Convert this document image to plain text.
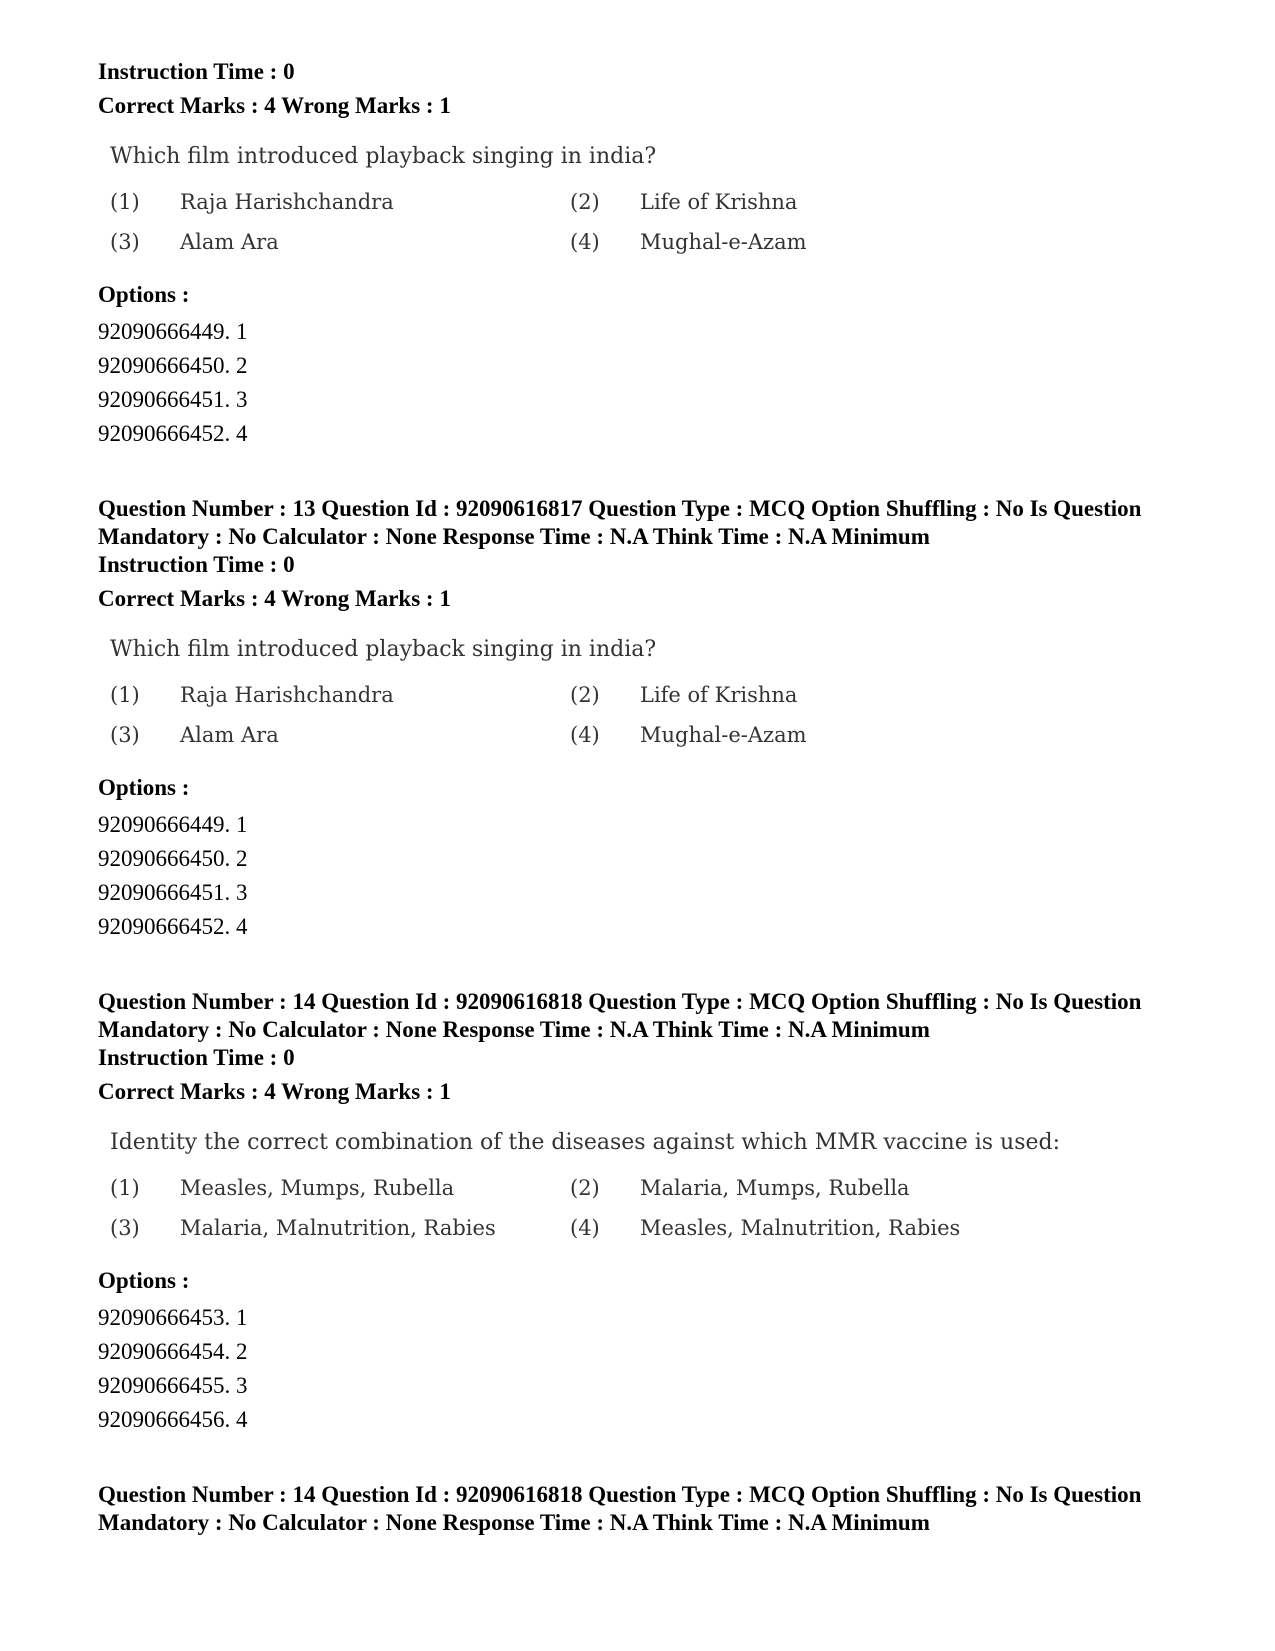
Instruction Time : 0

Correct Marks : 4 Wrong Marks : 1

Which film introduced playback singing in india?

(1)	Raja Harishchandra	(2)	Life of Krishna
(3)	Alam Ara	(4)	Mughal-e-Azam

Options :

92090666449. 1
92090666450. 2
92090666451. 3
92090666452. 4

Question Number : 13 Question Id : 92090616817 Question Type : MCQ Option Shuffling : No Is Question Mandatory : No Calculator : None Response Time : N.A Think Time : N.A Minimum

Instruction Time : 0

Correct Marks : 4 Wrong Marks : 1

Which film introduced playback singing in india?

(1)	Raja Harishchandra	(2)	Life of Krishna
(3)	Alam Ara	(4)	Mughal-e-Azam

Options :

92090666449. 1
92090666450. 2
92090666451. 3
92090666452. 4

Question Number : 14 Question Id : 92090616818 Question Type : MCQ Option Shuffling : No Is Question Mandatory : No Calculator : None Response Time : N.A Think Time : N.A Minimum

Instruction Time : 0

Correct Marks : 4 Wrong Marks : 1

Identity the correct combination of the diseases against which MMR vaccine is used:

(1)	Measles, Mumps, Rubella	(2)	Malaria, Mumps, Rubella
(3)	Malaria, Malnutrition, Rabies	(4)	Measles, Malnutrition, Rabies

Options :

92090666453. 1
92090666454. 2
92090666455. 3
92090666456. 4

Question Number : 14 Question Id : 92090616818 Question Type : MCQ Option Shuffling : No Is Question Mandatory : No Calculator : None Response Time : N.A Think Time : N.A Minimum
